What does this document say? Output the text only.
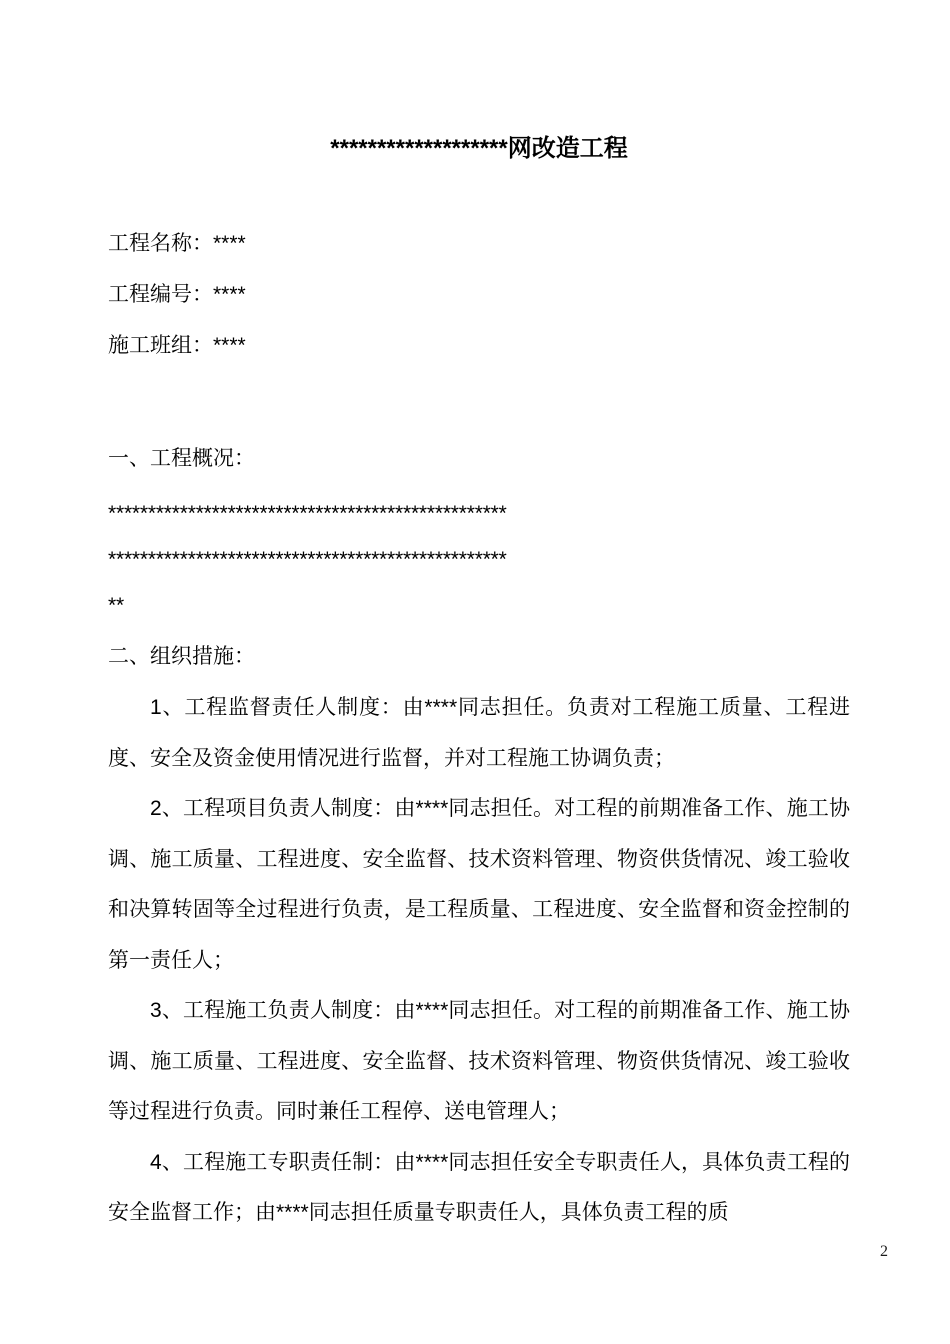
*******************网改造工程
工程名称：****
工程编号：****
施工班组：****
一、工程概况：
**************************************************
**************************************************
**
二、组织措施：

1、工程监督责任人制度：由****同志担任。负责对工程施工质量、工程进度、安全及资金使用情况进行监督，并对工程施工协调负责；

2、工程项目负责人制度：由****同志担任。对工程的前期准备工作、施工协调、施工质量、工程进度、安全监督、技术资料管理、物资供货情况、竣工验收和决算转固等全过程进行负责，是工程质量、工程进度、安全监督和资金控制的第一责任人；

3、工程施工负责人制度：由****同志担任。对工程的前期准备工作、施工协调、施工质量、工程进度、安全监督、技术资料管理、物资供货情况、竣工验收等过程进行负责。同时兼任工程停、送电管理人；

4、工程施工专职责任制：由****同志担任安全专职责任人，具体负责工程的安全监督工作；由****同志担任质量专职责任人，具体负责工程的质

2
